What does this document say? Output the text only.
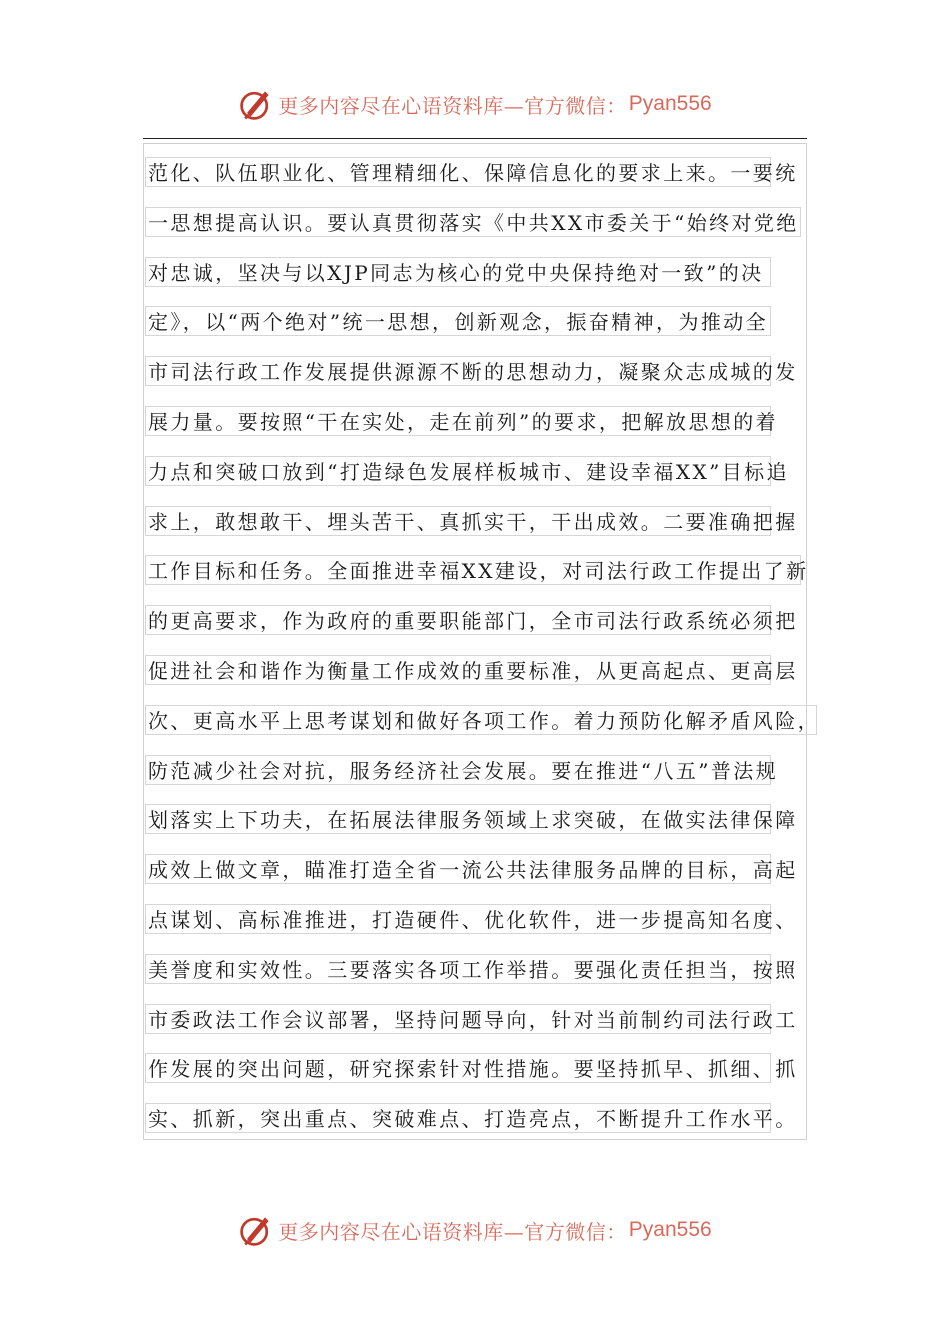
更多内容尽在心语资料库—官方微信： Pyan556
范化、队伍职业化、管理精细化、保障信息化的要求上来。一要统
一思想提高认识。要认真贯彻落实《中共XX市委关于“始终对党绝
对忠诚，坚决与以XJP同志为核心的党中央保持绝对一致”的决
定》，以“两个绝对”统一思想，创新观念，振奋精神，为推动全
市司法行政工作发展提供源源不断的思想动力，凝聚众志成城的发
展力量。要按照“干在实处，走在前列”的要求，把解放思想的着
力点和突破口放到“打造绿色发展样板城市、建设幸福XX”目标追
求上，敢想敢干、埋头苦干、真抓实干，干出成效。二要准确把握
工作目标和任务。全面推进幸福XX建设，对司法行政工作提出了新
的更高要求，作为政府的重要职能部门，全市司法行政系统必须把
促进社会和谐作为衡量工作成效的重要标准，从更高起点、更高层
次、更高水平上思考谋划和做好各项工作。着力预防化解矛盾风险，
防范减少社会对抗，服务经济社会发展。要在推进“八五”普法规
划落实上下功夫，在拓展法律服务领域上求突破，在做实法律保障
成效上做文章，瞄准打造全省一流公共法律服务品牌的目标，高起
点谋划、高标准推进，打造硬件、优化软件，进一步提高知名度、
美誉度和实效性。三要落实各项工作举措。要强化责任担当，按照
市委政法工作会议部署，坚持问题导向，针对当前制约司法行政工
作发展的突出问题，研究探索针对性措施。要坚持抓早、抓细、抓
实、抓新，突出重点、突破难点、打造亮点，不断提升工作水平。
更多内容尽在心语资料库—官方微信： Pyan556
